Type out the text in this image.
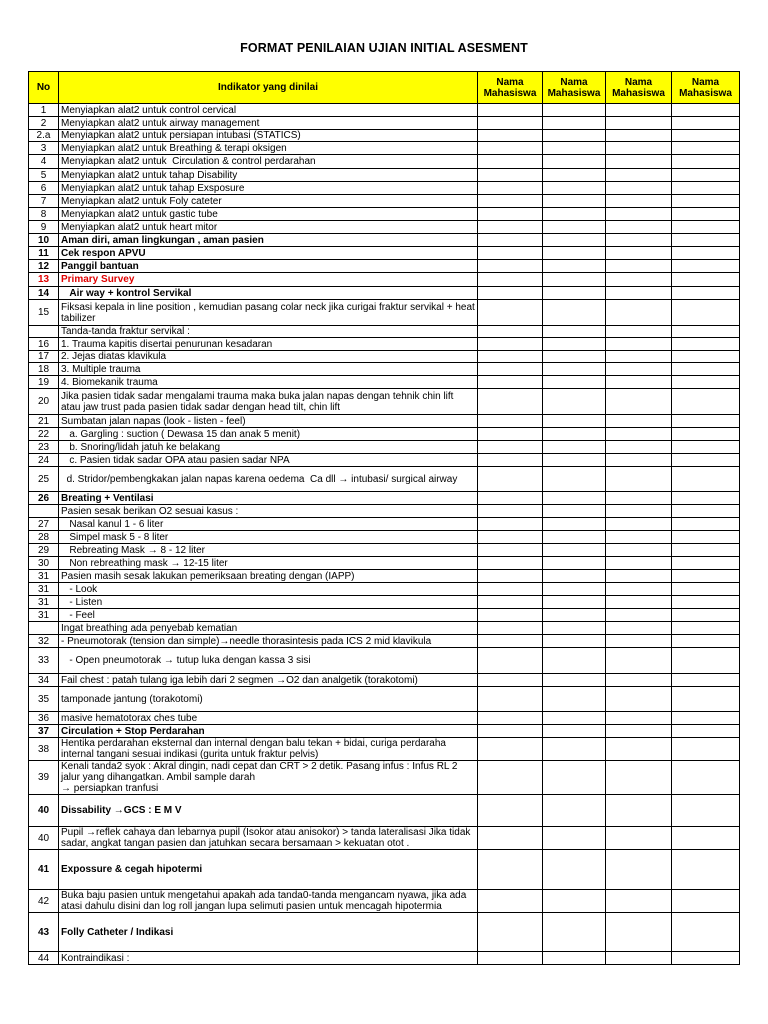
FORMAT PENILAIAN UJIAN INITIAL ASESMENT
No	Indikator yang dinilai	Nama Mahasiswa	Nama Mahasiswa	Nama Mahasiswa	Nama Mahasiswa
1	Menyiapkan alat2 untuk control cervical				
2	Menyiapkan alat2 untuk airway management				
2.a	Menyiapkan alat2 untuk persiapan intubasi (STATICS)				
3	Menyiapkan alat2 untuk Breathing & terapi oksigen				
4	Menyiapkan alat2 untuk  Circulation & control perdarahan				
5	Menyiapkan alat2 untuk tahap Disability				
6	Menyiapkan alat2 untuk tahap Exsposure				
7	Menyiapkan alat2 untuk Foly cateter				
8	Menyiapkan alat2 untuk gastic tube				
9	Menyiapkan alat2 untuk heart mitor				
10	Aman diri, aman lingkungan , aman pasien				
11	Cek respon APVU				
12	Panggil bantuan				
13	Primary Survey				
14	Air way + kontrol Servikal				
15	Fiksasi kepala in line position , kemudian pasang colar neck jika curigai fraktur servikal + heat tabilizer				
	Tanda-tanda fraktur servikal :				
16	1. Trauma kapitis disertai penurunan kesadaran				
17	2. Jejas diatas klavikula				
18	3. Multiple trauma				
19	4. Biomekanik trauma				
20	Jika pasien tidak sadar mengalami trauma maka buka jalan napas dengan tehnik chin lift atau jaw trust pada pasien tidak sadar dengan head tilt, chin lift				
21	Sumbatan jalan napas (look - listen - feel)				
22	a. Gargling : suction ( Dewasa 15 dan anak 5 menit)				
23	b. Snoring/lidah jatuh ke belakang				
24	c. Pasien tidak sadar OPA atau pasien sadar NPA				
25	d. Stridor/pembengkakan jalan napas karena oedema  Ca dll → intubasi/ surgical airway				
26	Breating + Ventilasi				
	Pasien sesak berikan O2 sesuai kasus :				
27	Nasal kanul 1 - 6 liter				
28	Simpel mask 5 - 8 liter				
29	Rebreating Mask → 8 - 12 liter				
30	Non rebreathing mask → 12-15 liter				
31	Pasien masih sesak lakukan pemeriksaan breating dengan (IAPP)				
31	- Look				
31	- Listen				
31	- Feel				
	Ingat breathing ada penyebab kematian				
32	- Pneumotorak (tension dan simple)→needle thorasintesis pada ICS 2 mid klavikula				
33	- Open pneumotorak → tutup luka dengan kassa 3 sisi				
34	Fail chest : patah tulang iga lebih dari 2 segmen →O2 dan analgetik (torakotomi)				
35	tamponade jantung (torakotomi)				
36	masive hematotorax ches tube				
37	Circulation + Stop Perdarahan				
38	Hentika perdarahan eksternal dan internal dengan balu tekan + bidai, curiga perdaraha internal tangani sesuai indikasi (gurita untuk fraktur pelvis)				
39	Kenali tanda2 syok : Akral dingin, nadi cepat dan CRT > 2 detik. Pasang infus : Infus RL 2 jalur yang dihangatkan. Ambil sample darah
→ persiapkan tranfusi				
40	Dissability →GCS : E M V				
40	Pupil →reflek cahaya dan lebarnya pupil (Isokor atau anisokor) > tanda lateralisasi Jika tidak sadar, angkat tangan pasien dan jatuhkan secara bersamaan > kekuatan otot .				
41	Expossure & cegah hipotermi				
42	Buka baju pasien untuk mengetahui apakah ada tanda0-tanda mengancam nyawa, jika ada atasi dahulu disini dan log roll jangan lupa selimuti pasien untuk mencagah hipotermia				
43	Folly Catheter / Indikasi				
44	Kontraindikasi :				
